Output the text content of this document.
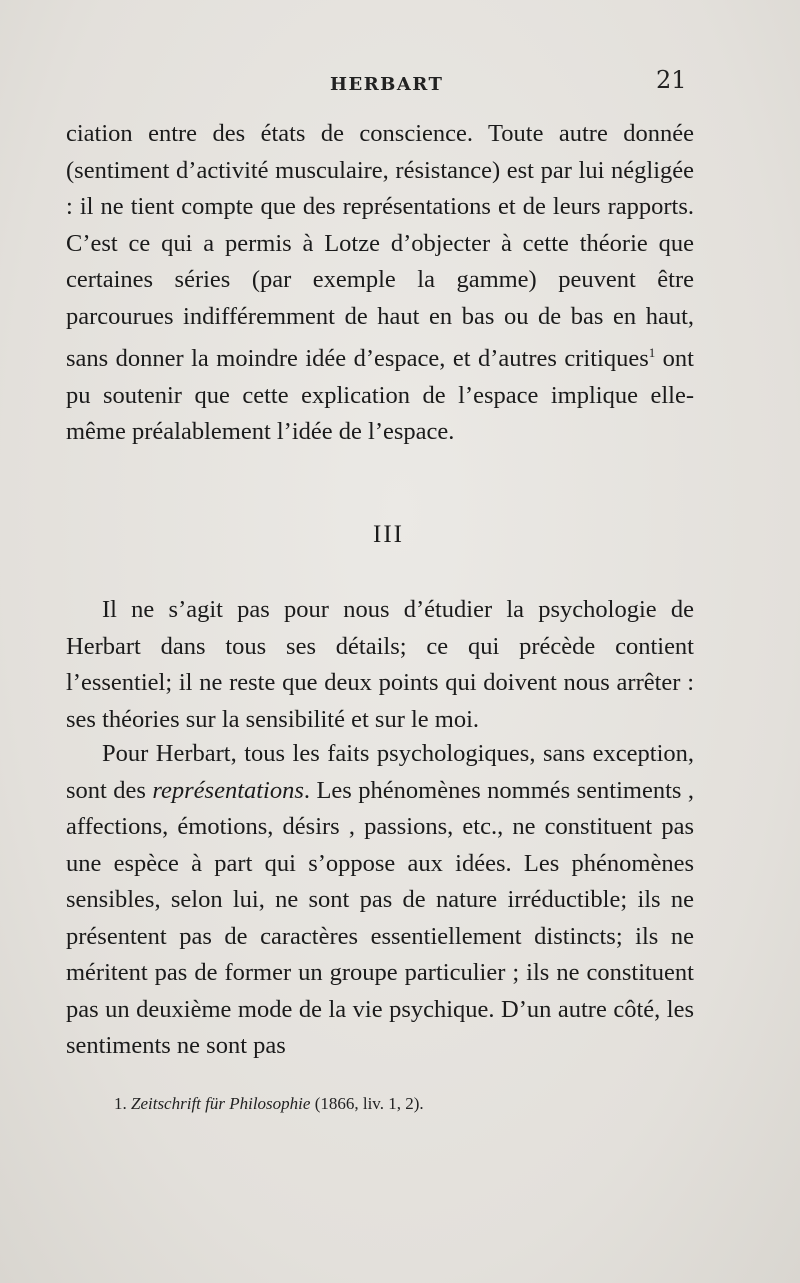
HERBART	21

ciation entre des états de conscience. Toute autre donnée (sentiment d’activité musculaire, résistance) est par lui négligée : il ne tient compte que des représentations et de leurs rapports. C’est ce qui a permis à Lotze d’objecter à cette théorie que certaines séries (par exemple la gamme) peuvent être parcourues indifféremment de haut en bas ou de bas en haut, sans donner la moindre idée d’espace, et d’autres critiques$^1$ ont pu soutenir que cette explication de l’espace implique elle-même préalablement l’idée de l’espace.

III

Il ne s’agit pas pour nous d’étudier la psychologie de Herbart dans tous ses détails; ce qui précède contient l’essentiel; il ne reste que deux points qui doivent nous arrêter : ses théories sur la sensibilité et sur le moi.

Pour Herbart, tous les faits psychologiques, sans exception, sont des représentations. Les phénomènes nommés sentiments , affections, émotions, désirs , passions, etc., ne constituent pas une espèce à part qui s’oppose aux idées. Les phénomènes sensibles, selon lui, ne sont pas de nature irréductible; ils ne présentent pas de caractères essentiellement distincts; ils ne méritent pas de former un groupe particulier ; ils ne constituent pas un deuxième mode de la vie psychique. D’un autre côté, les sentiments ne sont pas

1. Zeitschrift für Philosophie (1866, liv. 1, 2).
